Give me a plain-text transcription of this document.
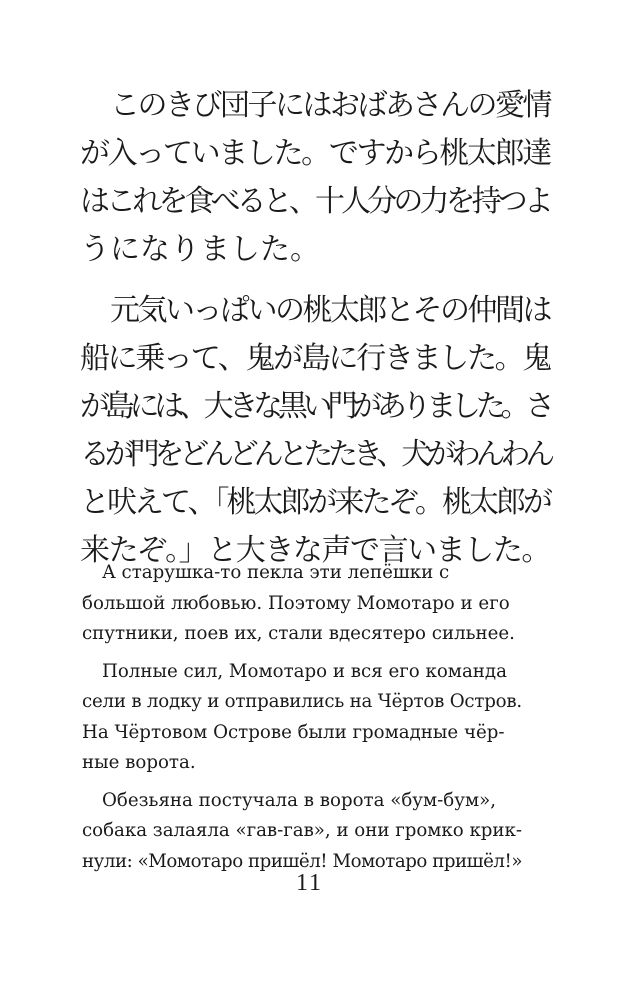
このきび団子にはおばあさんの愛情
が入っていました。ですから桃太郎達
はこれを食べると、十人分の力を持つよ
うになりました。
元気いっぱいの桃太郎とその仲間は
船に乗って、鬼が島に行きました。鬼
が島には、大きな黒い門がありました。さ
るが門をどんどんとたたき、犬がわんわん
と吠えて、「桃太郎が来たぞ。桃太郎が
来たぞ。」と大きな声で言いました。
А старушка-то пекла эти лепёшки с
большой любовью. Поэтому Момотаро и его
спутники, поев их, стали вдесятеро сильнее.
Полные сил, Момотаро и вся его команда
сели в лодку и отправились на Чёртов Остров.
На Чёртовом Острове были громадные чёр-
ные ворота.
Обезьяна постучала в ворота «бум-бум»,
собака залаяла «гав-гав», и они громко крик-
нули: «Момотаро пришёл! Момотаро пришёл!»
11
